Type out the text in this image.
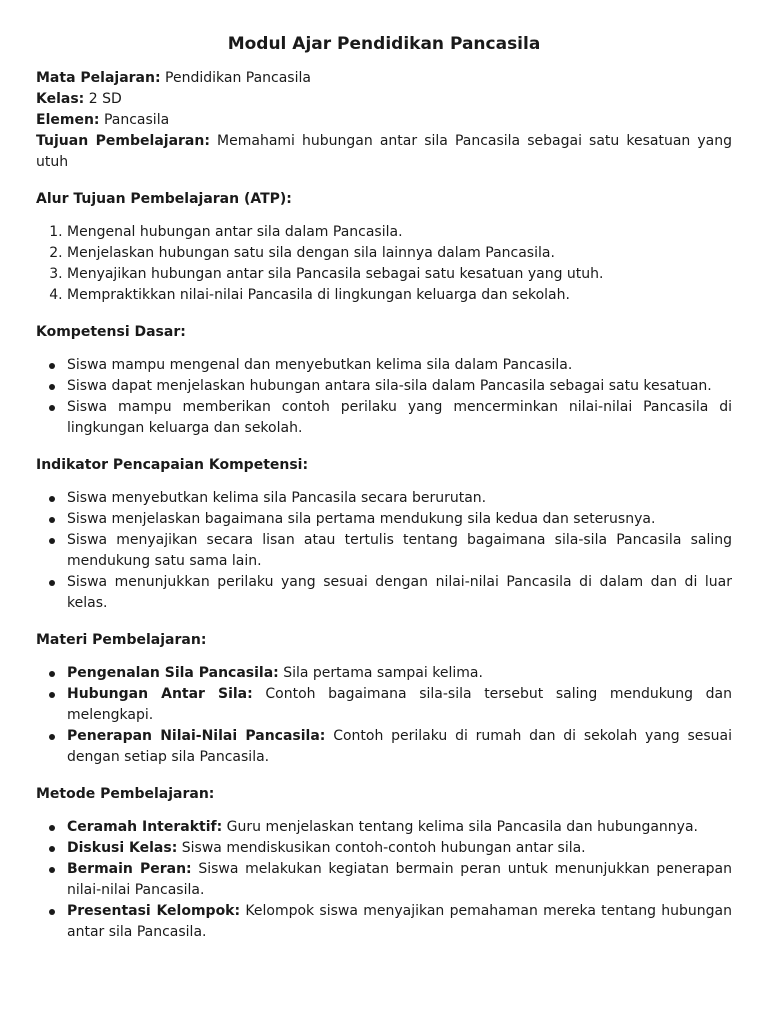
Modul Ajar Pendidikan Pancasila

Mata Pelajaran: Pendidikan Pancasila

Kelas: 2 SD

Elemen: Pancasila

Tujuan Pembelajaran: Memahami hubungan antar sila Pancasila sebagai satu kesatuan yang utuh

Alur Tujuan Pembelajaran (ATP):

1. Mengenal hubungan antar sila dalam Pancasila.
2. Menjelaskan hubungan satu sila dengan sila lainnya dalam Pancasila.
3. Menyajikan hubungan antar sila Pancasila sebagai satu kesatuan yang utuh.
4. Mempraktikkan nilai-nilai Pancasila di lingkungan keluarga dan sekolah.

Kompetensi Dasar:

Siswa mampu mengenal dan menyebutkan kelima sila dalam Pancasila.
Siswa dapat menjelaskan hubungan antara sila-sila dalam Pancasila sebagai satu kesatuan.
Siswa mampu memberikan contoh perilaku yang mencerminkan nilai-nilai Pancasila di lingkungan keluarga dan sekolah.

Indikator Pencapaian Kompetensi:

Siswa menyebutkan kelima sila Pancasila secara berurutan.
Siswa menjelaskan bagaimana sila pertama mendukung sila kedua dan seterusnya.
Siswa menyajikan secara lisan atau tertulis tentang bagaimana sila-sila Pancasila saling mendukung satu sama lain.
Siswa menunjukkan perilaku yang sesuai dengan nilai-nilai Pancasila di dalam dan di luar kelas.

Materi Pembelajaran:

Pengenalan Sila Pancasila: Sila pertama sampai kelima.
Hubungan Antar Sila: Contoh bagaimana sila-sila tersebut saling mendukung dan melengkapi.
Penerapan Nilai-Nilai Pancasila: Contoh perilaku di rumah dan di sekolah yang sesuai dengan setiap sila Pancasila.

Metode Pembelajaran:

Ceramah Interaktif: Guru menjelaskan tentang kelima sila Pancasila dan hubungannya.
Diskusi Kelas: Siswa mendiskusikan contoh-contoh hubungan antar sila.
Bermain Peran: Siswa melakukan kegiatan bermain peran untuk menunjukkan penerapan nilai-nilai Pancasila.
Presentasi Kelompok: Kelompok siswa menyajikan pemahaman mereka tentang hubungan antar sila Pancasila.
